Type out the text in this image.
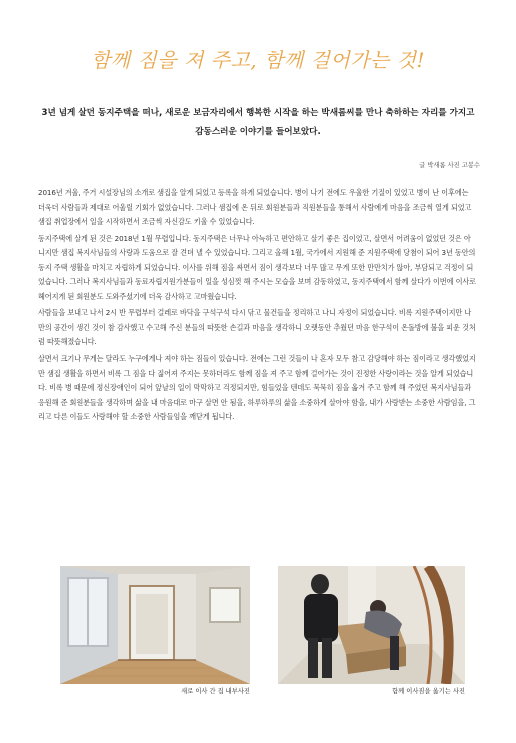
함께 짐을 져 주고, 함께 걸어가는 것!
3년 넘게 살던 동지주택을 떠나, 새로운 보금자리에서 행복한 시작을 하는 박새롬씨를 만나 축하하는 자리를 가지고 감동스러운 이야기를 들어보았다.
글 박새롬 사진 고봉수

2016년 겨울, 주거 시설장님의 소개로 샘집을 알게 되었고 등록을 하게 되었습니다. 병이 나기 전에도 우울한 기질이 있었고 병이 난 이후에는 더욱더 사람들과 제대로 어울릴 기회가 없었습니다. 그러나 샘집에 온 뒤로 회원분들과 직원분들을 통해서 사람에게 마음을 조금씩 열게 되었고 샘집 취업장에서 일을 시작하면서 조금씩 자신감도 키울 수 있었습니다.

동지주택에 살게 된 것은 2018년 1월 무렵입니다. 동지주택은 너무나 아늑하고 편안하고 살기 좋은 집이었고, 살면서 어려움이 없었던 것은 아니지만 샘집 복지사님들의 사랑과 도움으로 잘 견뎌 낼 수 있었습니다. 그리고 올해 1월, 국가에서 지원해 준 지원주택에 당첨이 되어 3년 동안의 동지 주택 생활을 마치고 자립하게 되었습니다. 이사를 위해 짐을 싸면서 짐이 생각보다 너무 많고 무게 또한 만만치가 않아, 부담되고 걱정이 되었습니다. 그러나 복지사님들과 동료자립지원가분들이 일을 성심껏 해 주시는 모습을 보며 감동하였고, 동지주택에서 함께 살다가 이번에 이사로 헤어지게 된 회원분도 도와주셨기에 더욱 감사하고 고마웠습니다.

사람들을 보내고 나서 2시 반 무렵부터 걸레로 바닥을 구석구석 다시 닦고 물건들을 정리하고 나니 자정이 되었습니다. 비록 지원주택이지만 나만의 공간이 생긴 것이 참 감사했고 수고해 주신 분들의 따뜻한 손길과 마음을 생각하니 오랫동안 추웠던 마음 한구석이 온돌방에 불을 피운 것처럼 따뜻해졌습니다.

살면서 크기나 무게는 달라도 누구에게나 져야 하는 짐들이 있습니다. 전에는 그런 것들이 나 혼자 모두 참고 감당해야 하는 짐이라고 생각했었지만 샘집 생활을 하면서 비록 그 짐을 다 짊어져 주지는 못하더라도 함께 짐을 져 주고 함께 걸어가는 것이 진정한 사랑이라는 것을 알게 되었습니다. 비록 병 때문에 정신장애인이 되어 앞날의 일이 막막하고 걱정되지만, 힘들었을 텐데도 묵묵히 짐을 옮겨 주고 함께 해 주었던 복지사님들과 응원해 준 회원분들을 생각하며 삶을 내 마음대로 마구 살면 안 됨을, 하루하루의 삶을 소중하게 살아야 함을, 내가 사랑받는 소중한 사람임을, 그리고 다른 이들도 사랑해야 할 소중한 사람들임을 깨닫게 됩니다.

새로 이사 간 집 내부사진	함께 이사짐을 옮기는 사진
